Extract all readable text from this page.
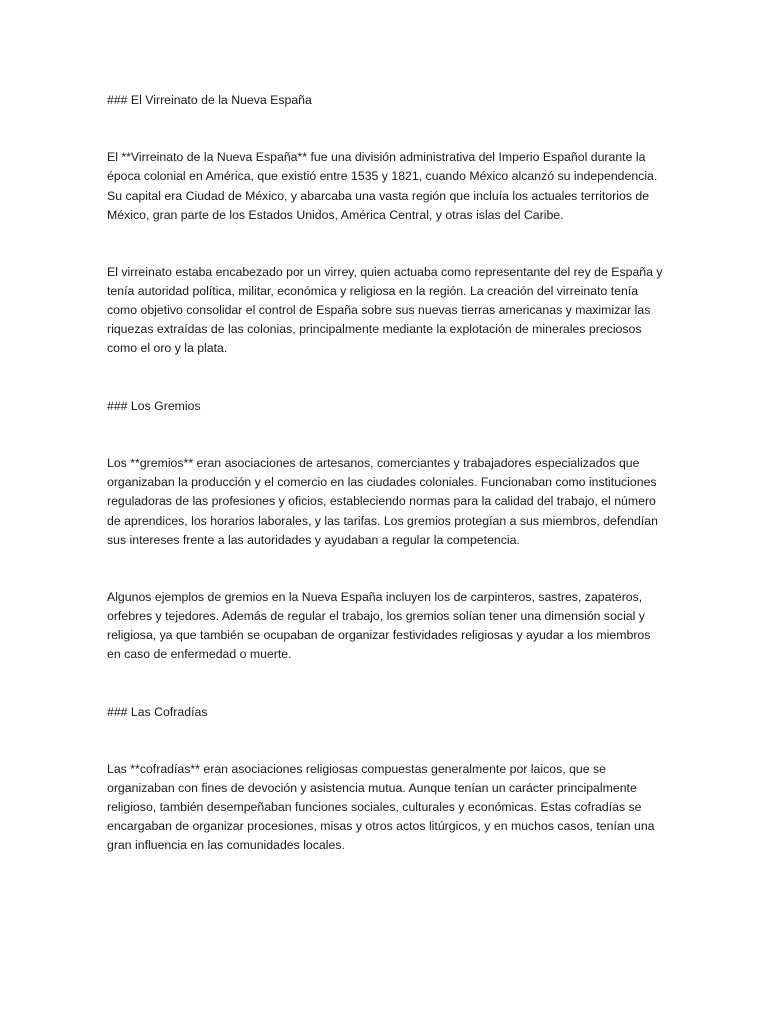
### El Virreinato de la Nueva España
El **Virreinato de la Nueva España** fue una división administrativa del Imperio Español durante la época colonial en América, que existió entre 1535 y 1821, cuando México alcanzó su independencia. Su capital era Ciudad de México, y abarcaba una vasta región que incluía los actuales territorios de México, gran parte de los Estados Unidos, América Central, y otras islas del Caribe.
El virreinato estaba encabezado por un virrey, quien actuaba como representante del rey de España y tenía autoridad política, militar, económica y religiosa en la región. La creación del virreinato tenía como objetivo consolidar el control de España sobre sus nuevas tierras americanas y maximizar las riquezas extraídas de las colonias, principalmente mediante la explotación de minerales preciosos como el oro y la plata.
### Los Gremios
Los **gremios** eran asociaciones de artesanos, comerciantes y trabajadores especializados que organizaban la producción y el comercio en las ciudades coloniales. Funcionaban como instituciones reguladoras de las profesiones y oficios, estableciendo normas para la calidad del trabajo, el número de aprendices, los horarios laborales, y las tarifas. Los gremios protegían a sus miembros, defendían sus intereses frente a las autoridades y ayudaban a regular la competencia.
Algunos ejemplos de gremios en la Nueva España incluyen los de carpinteros, sastres, zapateros, orfebres y tejedores. Además de regular el trabajo, los gremios solían tener una dimensión social y religiosa, ya que también se ocupaban de organizar festividades religiosas y ayudar a los miembros en caso de enfermedad o muerte.
### Las Cofradías
Las **cofradías** eran asociaciones religiosas compuestas generalmente por laicos, que se organizaban con fines de devoción y asistencia mutua. Aunque tenían un carácter principalmente religioso, también desempeñaban funciones sociales, culturales y económicas. Estas cofradías se encargaban de organizar procesiones, misas y otros actos litúrgicos, y en muchos casos, tenían una gran influencia en las comunidades locales.
